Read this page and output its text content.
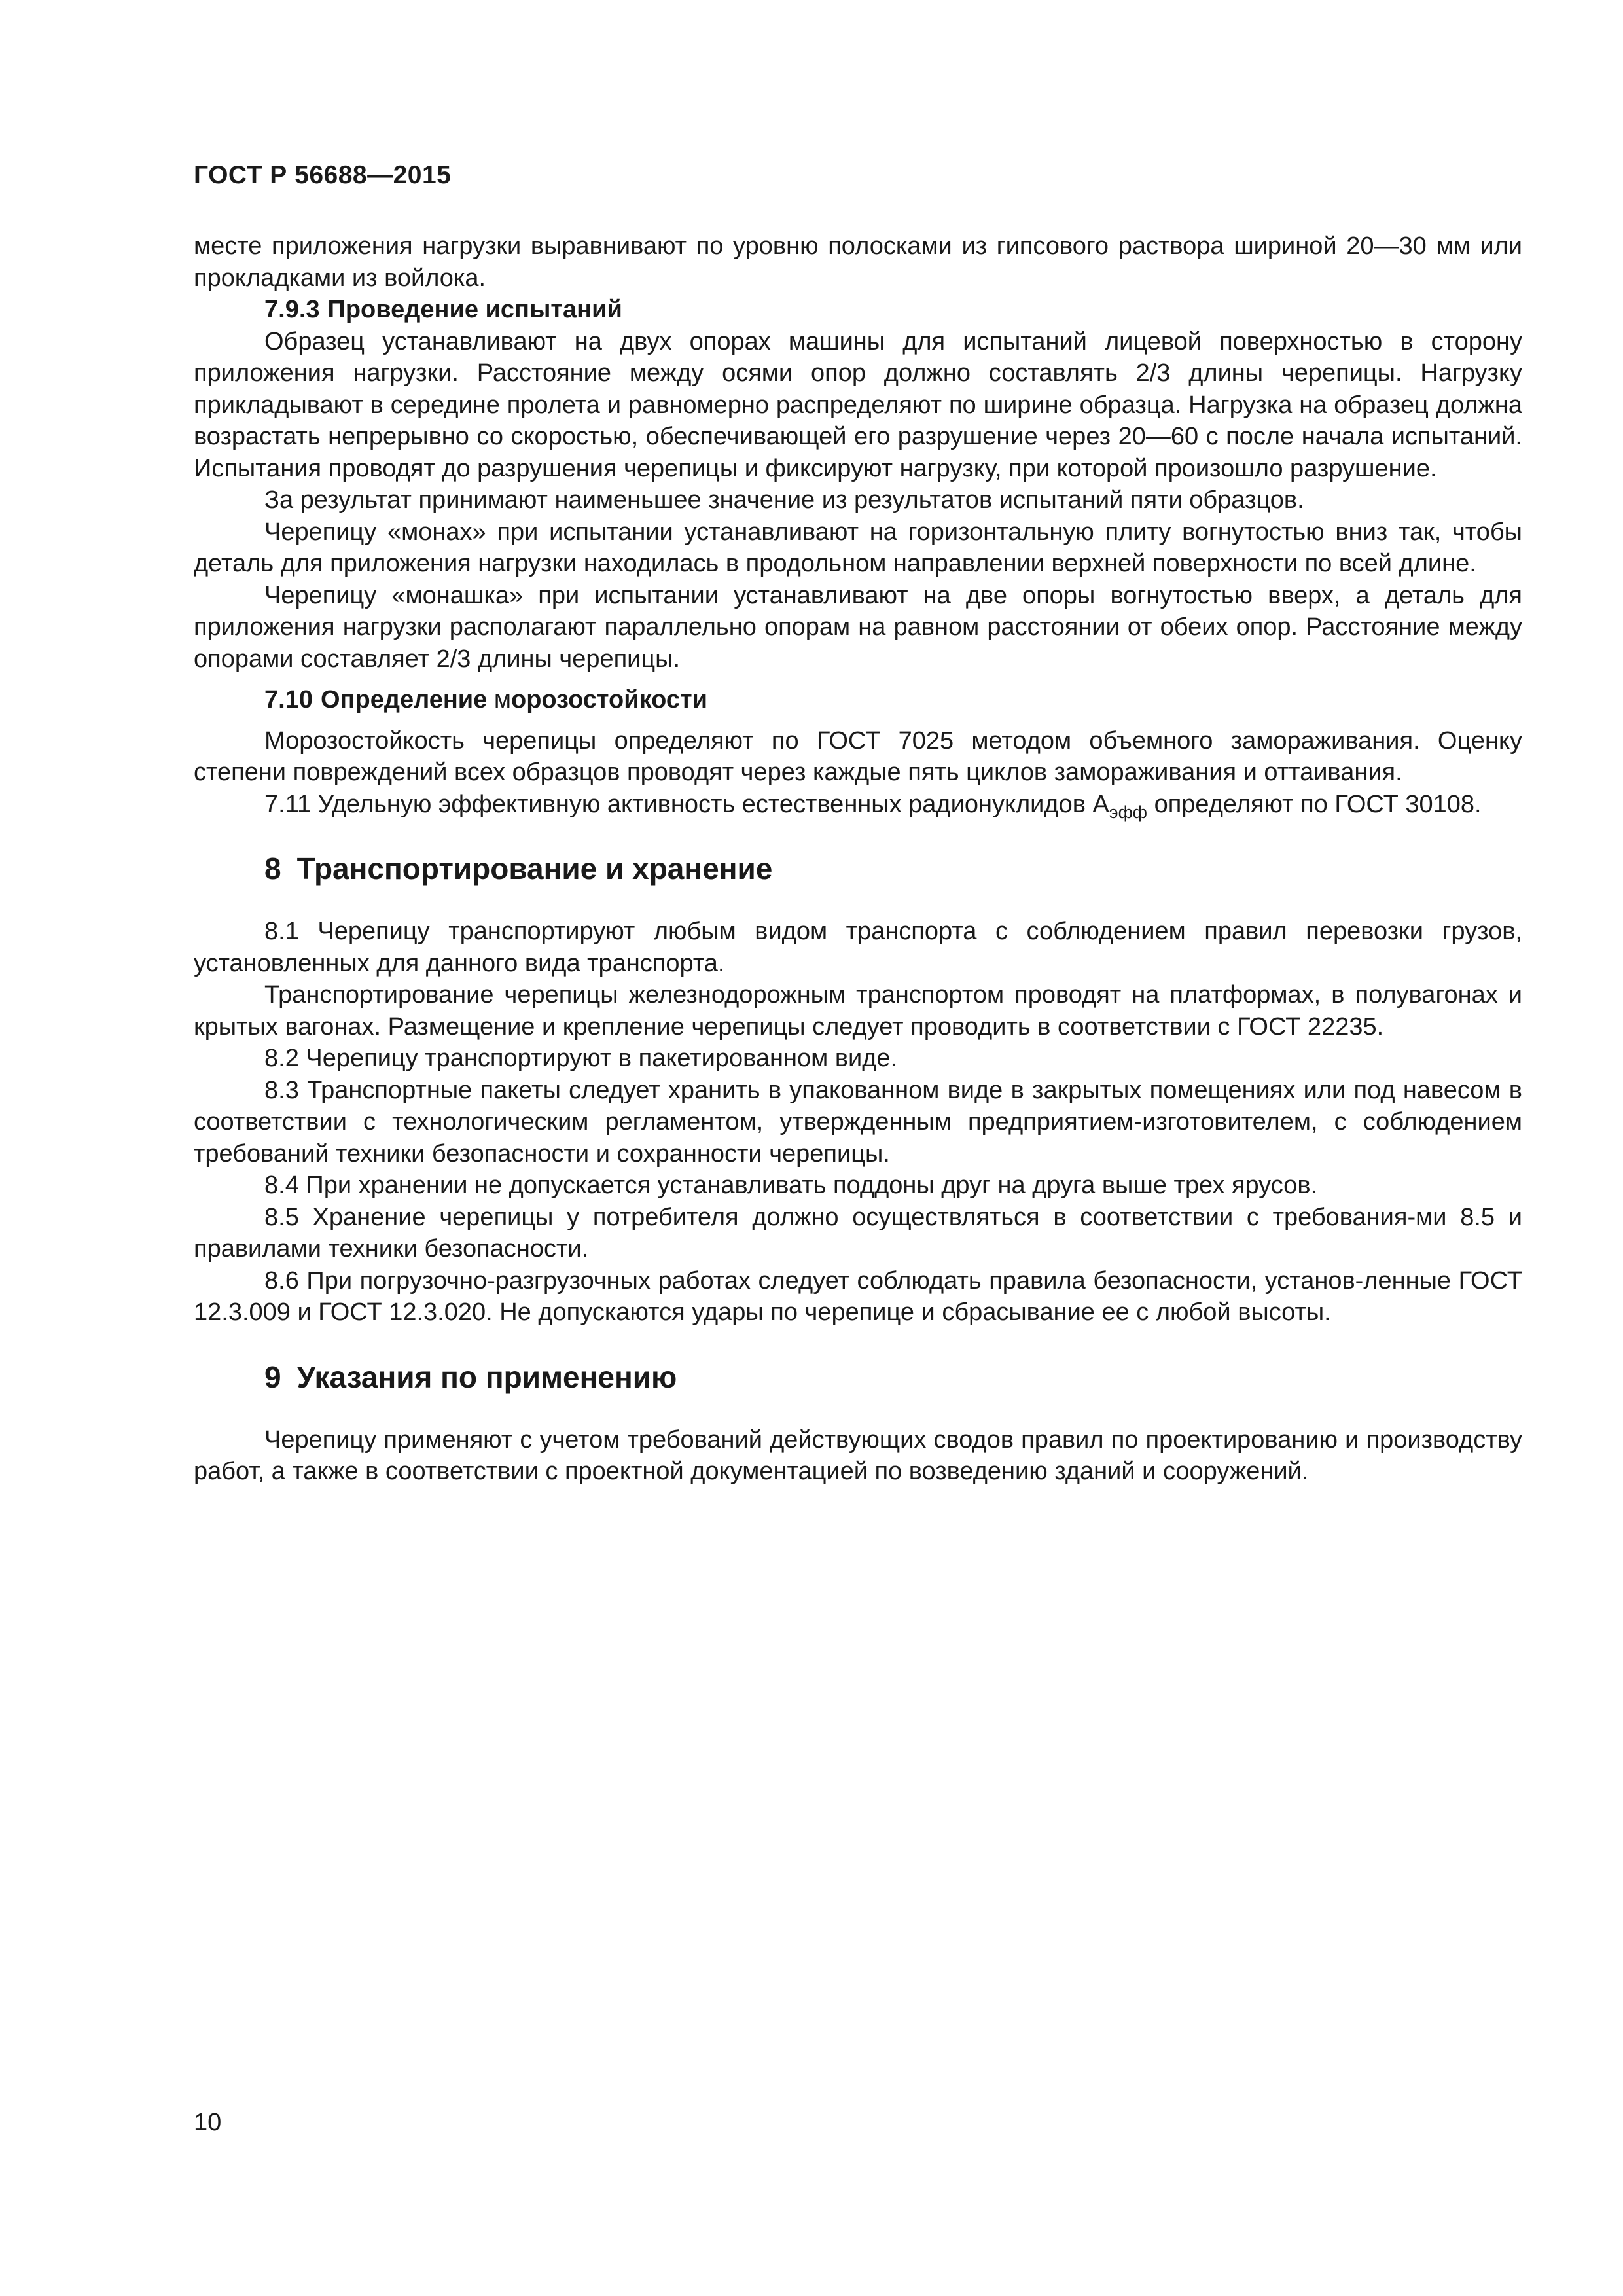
ГОСТ Р 56688—2015

месте приложения нагрузки выравнивают по уровню полосками из гипсового раствора шириной 20—30 мм или прокладками из войлока.

7.9.3 Проведение испытаний

Образец устанавливают на двух опорах машины для испытаний лицевой поверхностью в сторону приложения нагрузки. Расстояние между осями опор должно составлять 2/3 длины черепицы. Нагрузку прикладывают в середине пролета и равномерно распределяют по ширине образца. Нагрузка на образец должна возрастать непрерывно со скоростью, обеспечивающей его разрушение через 20—60 с после начала испытаний. Испытания проводят до разрушения черепицы и фиксируют нагрузку, при которой произошло разрушение.

За результат принимают наименьшее значение из результатов испытаний пяти образцов.

Черепицу «монах» при испытании устанавливают на горизонтальную плиту вогнутостью вниз так, чтобы деталь для приложения нагрузки находилась в продольном направлении верхней поверхности по всей длине.

Черепицу «монашка» при испытании устанавливают на две опоры вогнутостью вверх, а деталь для приложения нагрузки располагают параллельно опорам на равном расстоянии от обеих опор. Расстояние между опорами составляет 2/3 длины черепицы.

7.10 Определение морозостойкости

Морозостойкость черепицы определяют по ГОСТ 7025 методом объемного замораживания. Оценку степени повреждений всех образцов проводят через каждые пять циклов замораживания и оттаивания.

7.11 Удельную эффективную активность естественных радионуклидов $А_{эфф}$ определяют по ГОСТ 30108.

8 Транспортирование и хранение

8.1 Черепицу транспортируют любым видом транспорта с соблюдением правил перевозки грузов, установленных для данного вида транспорта.

Транспортирование черепицы железнодорожным транспортом проводят на платформах, в полувагонах и крытых вагонах. Размещение и крепление черепицы следует проводить в соответствии с ГОСТ 22235.

8.2 Черепицу транспортируют в пакетированном виде.

8.3 Транспортные пакеты следует хранить в упакованном виде в закрытых помещениях или под навесом в соответствии с технологическим регламентом, утвержденным предприятием-изготовителем, с соблюдением требований техники безопасности и сохранности черепицы.

8.4 При хранении не допускается устанавливать поддоны друг на друга выше трех ярусов.

8.5 Хранение черепицы у потребителя должно осуществляться в соответствии с требования-ми 8.5 и правилами техники безопасности.

8.6 При погрузочно-разгрузочных работах следует соблюдать правила безопасности, установ-ленные ГОСТ 12.3.009 и ГОСТ 12.3.020. Не допускаются удары по черепице и сбрасывание ее с любой высоты.

9 Указания по применению

Черепицу применяют с учетом требований действующих сводов правил по проектированию и производству работ, а также в соответствии с проектной документацией по возведению зданий и сооружений.

10
